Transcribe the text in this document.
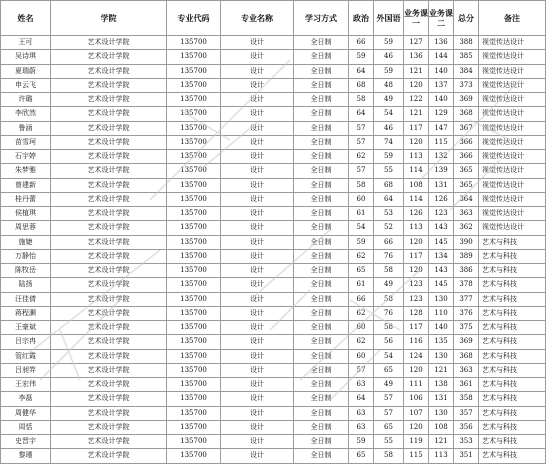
姓名	学院	专业代码	专业名称	学习方式	政治	外国语	业务课一	业务课二	总分	备注
王可	艺术设计学院	135700	设计	全日制	66	59	127	136	388	视觉传达设计
吴诗琪	艺术设计学院	135700	设计	全日制	59	46	136	144	385	视觉传达设计
夏瑞蔚	艺术设计学院	135700	设计	全日制	64	59	121	140	384	视觉传达设计
申云飞	艺术设计学院	135700	设计	全日制	68	48	120	137	373	视觉传达设计
许璐	艺术设计学院	135700	设计	全日制	58	49	122	140	369	视觉传达设计
李欣然	艺术设计学院	135700	设计	全日制	64	54	121	129	368	视觉传达设计
鲁涵	艺术设计学院	135700	设计	全日制	57	46	117	147	367	视觉传达设计
苗雪珂	艺术设计学院	135700	设计	全日制	57	74	120	115	366	视觉传达设计
石宇婷	艺术设计学院	135700	设计	全日制	62	59	113	132	366	视觉传达设计
朱梦雅	艺术设计学院	135700	设计	全日制	57	55	114	139	365	视觉传达设计
曾建新	艺术设计学院	135700	设计	全日制	58	68	108	131	365	视觉传达设计
桂丹蕾	艺术设计学院	135700	设计	全日制	60	64	114	126	364	视觉传达设计
侯植琪	艺术设计学院	135700	设计	全日制	61	53	126	123	363	视觉传达设计
周思蓉	艺术设计学院	135700	设计	全日制	54	52	113	143	362	视觉传达设计
施婕	艺术设计学院	135700	设计	全日制	59	66	120	145	390	艺术与科技
万静怡	艺术设计学院	135700	设计	全日制	62	76	117	134	389	艺术与科技
陈牧岳	艺术设计学院	135700	设计	全日制	65	58	120	143	386	艺术与科技
陆扬	艺术设计学院	135700	设计	全日制	61	49	123	145	378	艺术与科技
汪佳倩	艺术设计学院	135700	设计	全日制	66	58	123	130	377	艺术与科技
蒋程灏	艺术设计学院	135700	设计	全日制	62	76	128	110	376	艺术与科技
王豪斌	艺术设计学院	135700	设计	全日制	60	58	117	140	375	艺术与科技
吕宗冉	艺术设计学院	135700	设计	全日制	62	56	116	135	369	艺术与科技
管红霞	艺术设计学院	135700	设计	全日制	60	54	124	130	368	艺术与科技
吕昶笄	艺术设计学院	135700	设计	全日制	57	65	120	121	363	艺术与科技
王宏伟	艺术设计学院	135700	设计	全日制	63	49	111	138	361	艺术与科技
李磊	艺术设计学院	135700	设计	全日制	64	57	106	131	358	艺术与科技
周健华	艺术设计学院	135700	设计	全日制	63	57	107	130	357	艺术与科技
周恬	艺术设计学院	135700	设计	全日制	63	65	120	108	356	艺术与科技
史晋宇	艺术设计学院	135700	设计	全日制	59	55	119	121	353	艺术与科技
黎瑾	艺术设计学院	135700	设计	全日制	65	58	115	113	351	艺术与科技
